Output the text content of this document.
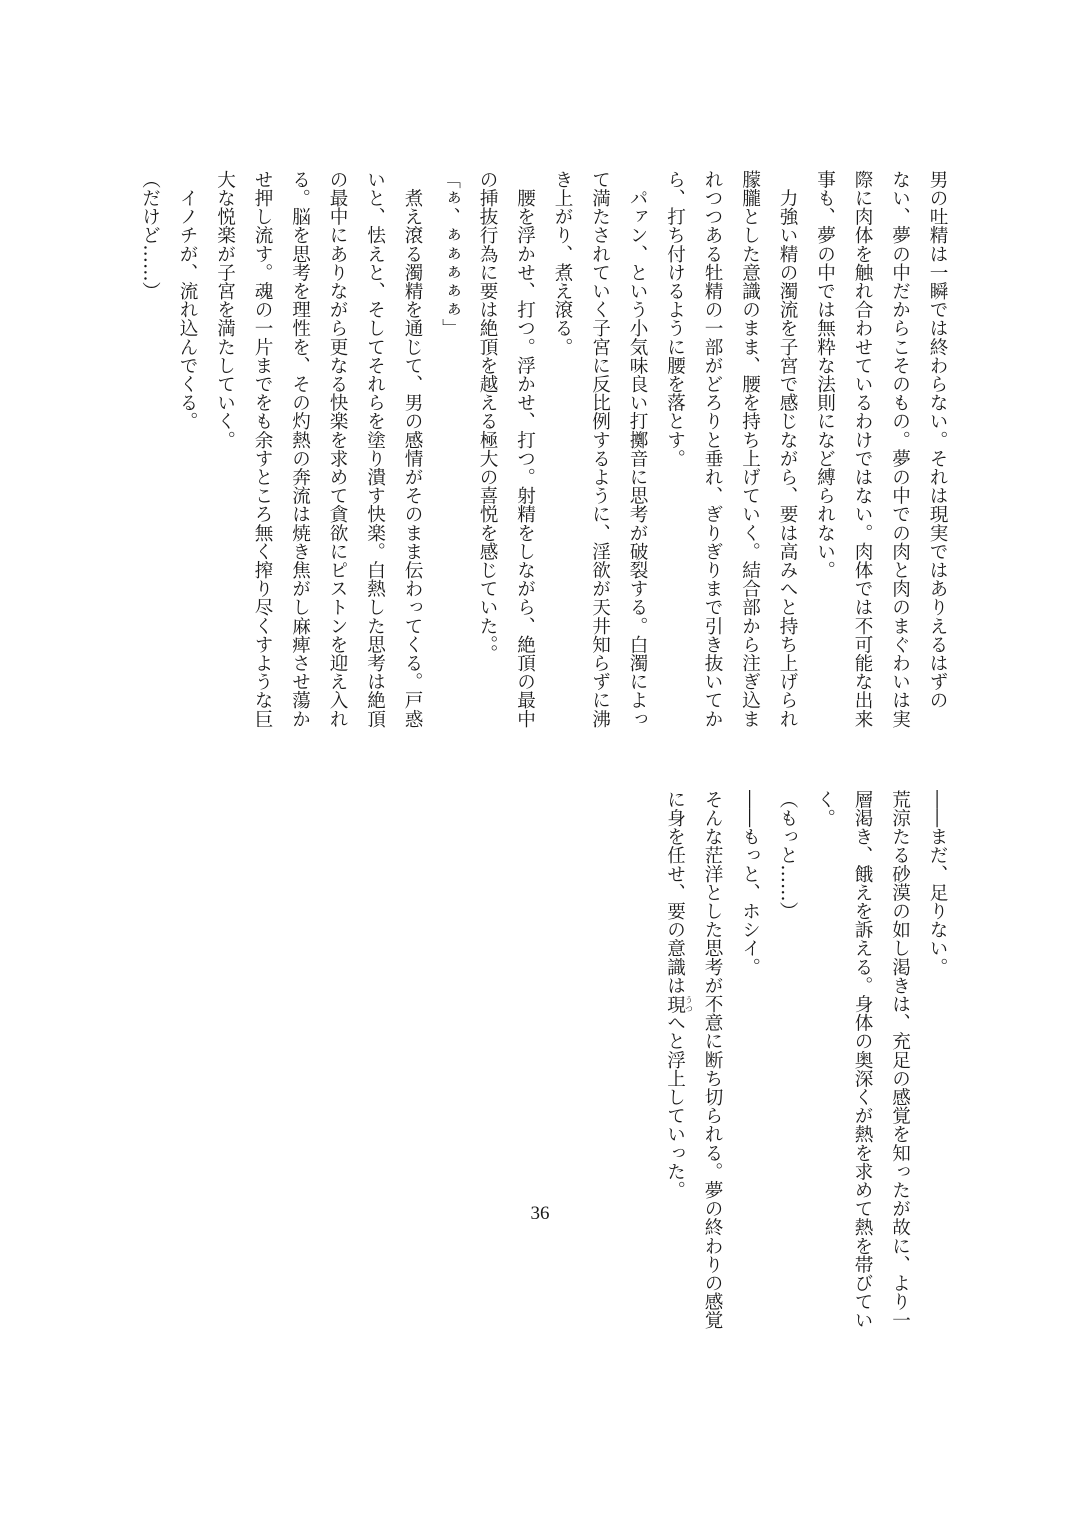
男の吐精は一瞬では終わらない。それは現実ではありえるはずの
ない、夢の中だからこそのもの。夢の中での肉と肉のまぐわいは実
際に肉体を触れ合わせているわけではない。肉体では不可能な出来
事も、夢の中では無粋な法則になど縛られない。
　力強い精の濁流を子宮で感じながら、要は高みへと持ち上げられ
朦朧とした意識のまま、腰を持ち上げていく。結合部から注ぎ込ま
れつつある牡精の一部がどろりと垂れ、ぎりぎりまで引き抜いてか
ら、打ち付けるように腰を落とす。
　パァン、という小気味良い打擲音に思考が破裂する。白濁によっ
て満たされていく子宮に反比例するように、淫欲が天井知らずに沸
き上がり、煮え滾る。
　腰を浮かせ、打つ。浮かせ、打つ。射精をしながら、絶頂の最中
の挿抜行為に要は絶頂を越える極大の喜悦を感じていた。。
「ぁ、ぁぁぁぁぁ」
　煮え滾る濁精を通じて、男の感情がそのまま伝わってくる。戸惑
いと、怯えと、そしてそれらを塗り潰す快楽。白熱した思考は絶頂
の最中にありながら更なる快楽を求めて貪欲にピストンを迎え入れ
る。脳を思考を理性を、その灼熱の奔流は焼き焦がし麻痺させ蕩か
せ押し流す。魂の一片までをも余すところ無く搾り尽くすような巨
大な悦楽が子宮を満たしていく。
　イノチが、流れ込んでくる。
（だけど……）
――まだ、足りない。
荒涼たる砂漠の如し渇きは、充足の感覚を知ったが故に、より一
層渇き、餓えを訴える。身体の奥深くが熱を求めて熱を帯びてい
く。
（もっと……）
――もっと、ホシイ。
そんな茫洋とした思考が不意に断ち切られる。夢の終わりの感覚
に身を任せ、要の意識は現 うつへと浮上していった。
36
